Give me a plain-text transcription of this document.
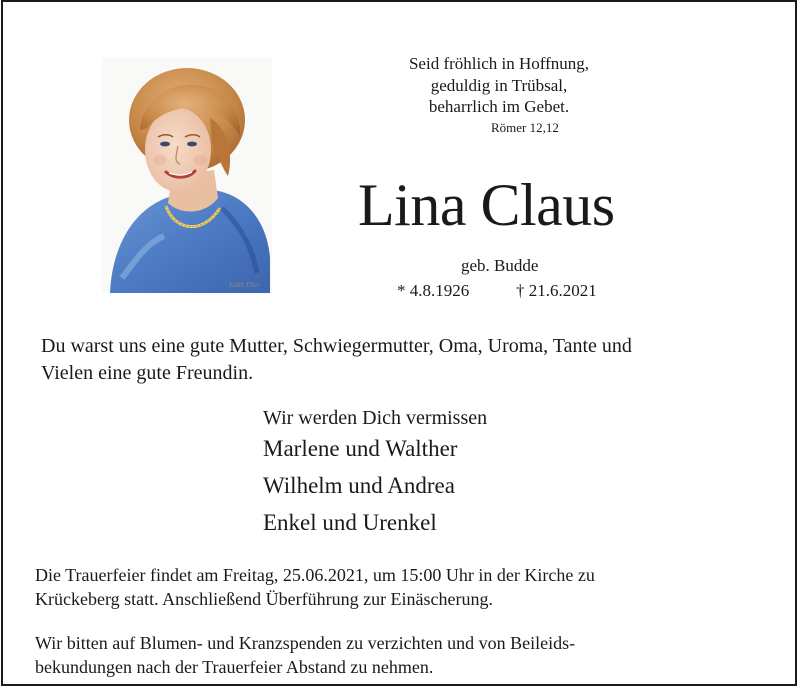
Edith Eller
Seid fröhlich in Hoffnung,
geduldig in Trübsal,
beharrlich im Gebet.
Römer 12,12
Lina Claus
geb. Budde
* 4.8.1926	† 21.6.2021
Du warst uns eine gute Mutter, Schwiegermutter, Oma, Uroma, Tante und
Vielen eine gute Freundin.
Wir werden Dich vermissen
Marlene und Walther
Wilhelm und Andrea
Enkel und Urenkel
Die Trauerfeier findet am Freitag, 25.06.2021, um 15:00 Uhr in der Kirche zu
Krückeberg statt. Anschließend Überführung zur Einäscherung.
Wir bitten auf Blumen- und Kranzspenden zu verzichten und von Beileids-
bekundungen nach der Trauerfeier Abstand zu nehmen.
